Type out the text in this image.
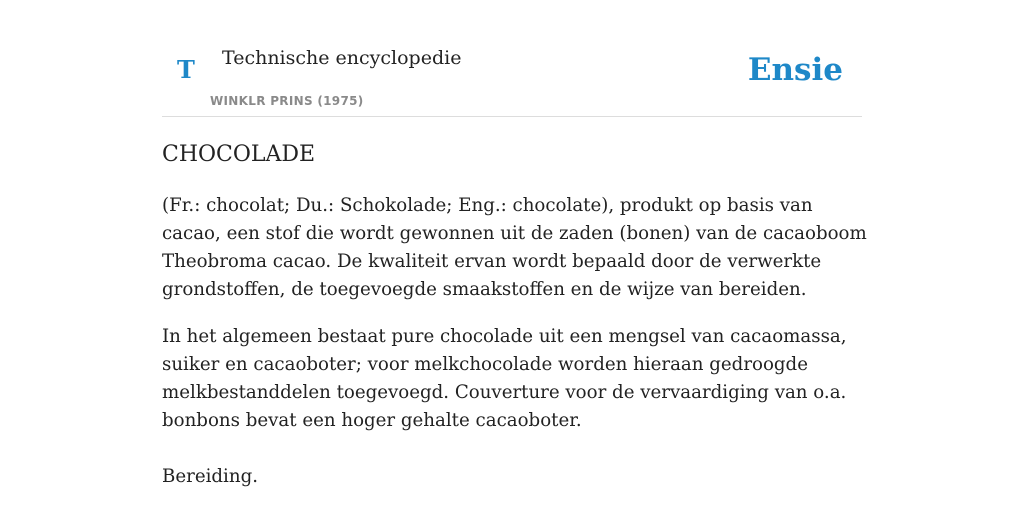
T Technische encyclopedie
WINKLR PRINS (1975)
Ensie
CHOCOLADE

(Fr.: chocolat; Du.: Schokolade; Eng.: chocolate), produkt op basis van cacao, een stof die wordt gewonnen uit de zaden (bonen) van de cacaoboom Theobroma cacao. De kwaliteit ervan wordt bepaald door de verwerkte grondstoffen, de toegevoegde smaakstoffen en de wijze van bereiden.

In het algemeen bestaat pure chocolade uit een mengsel van cacaomassa, suiker en cacaoboter; voor melkchocolade worden hieraan gedroogde melkbestanddelen toegevoegd. Couverture voor de vervaardiging van o.a. bonbons bevat een hoger gehalte cacaoboter.

Bereiding.
